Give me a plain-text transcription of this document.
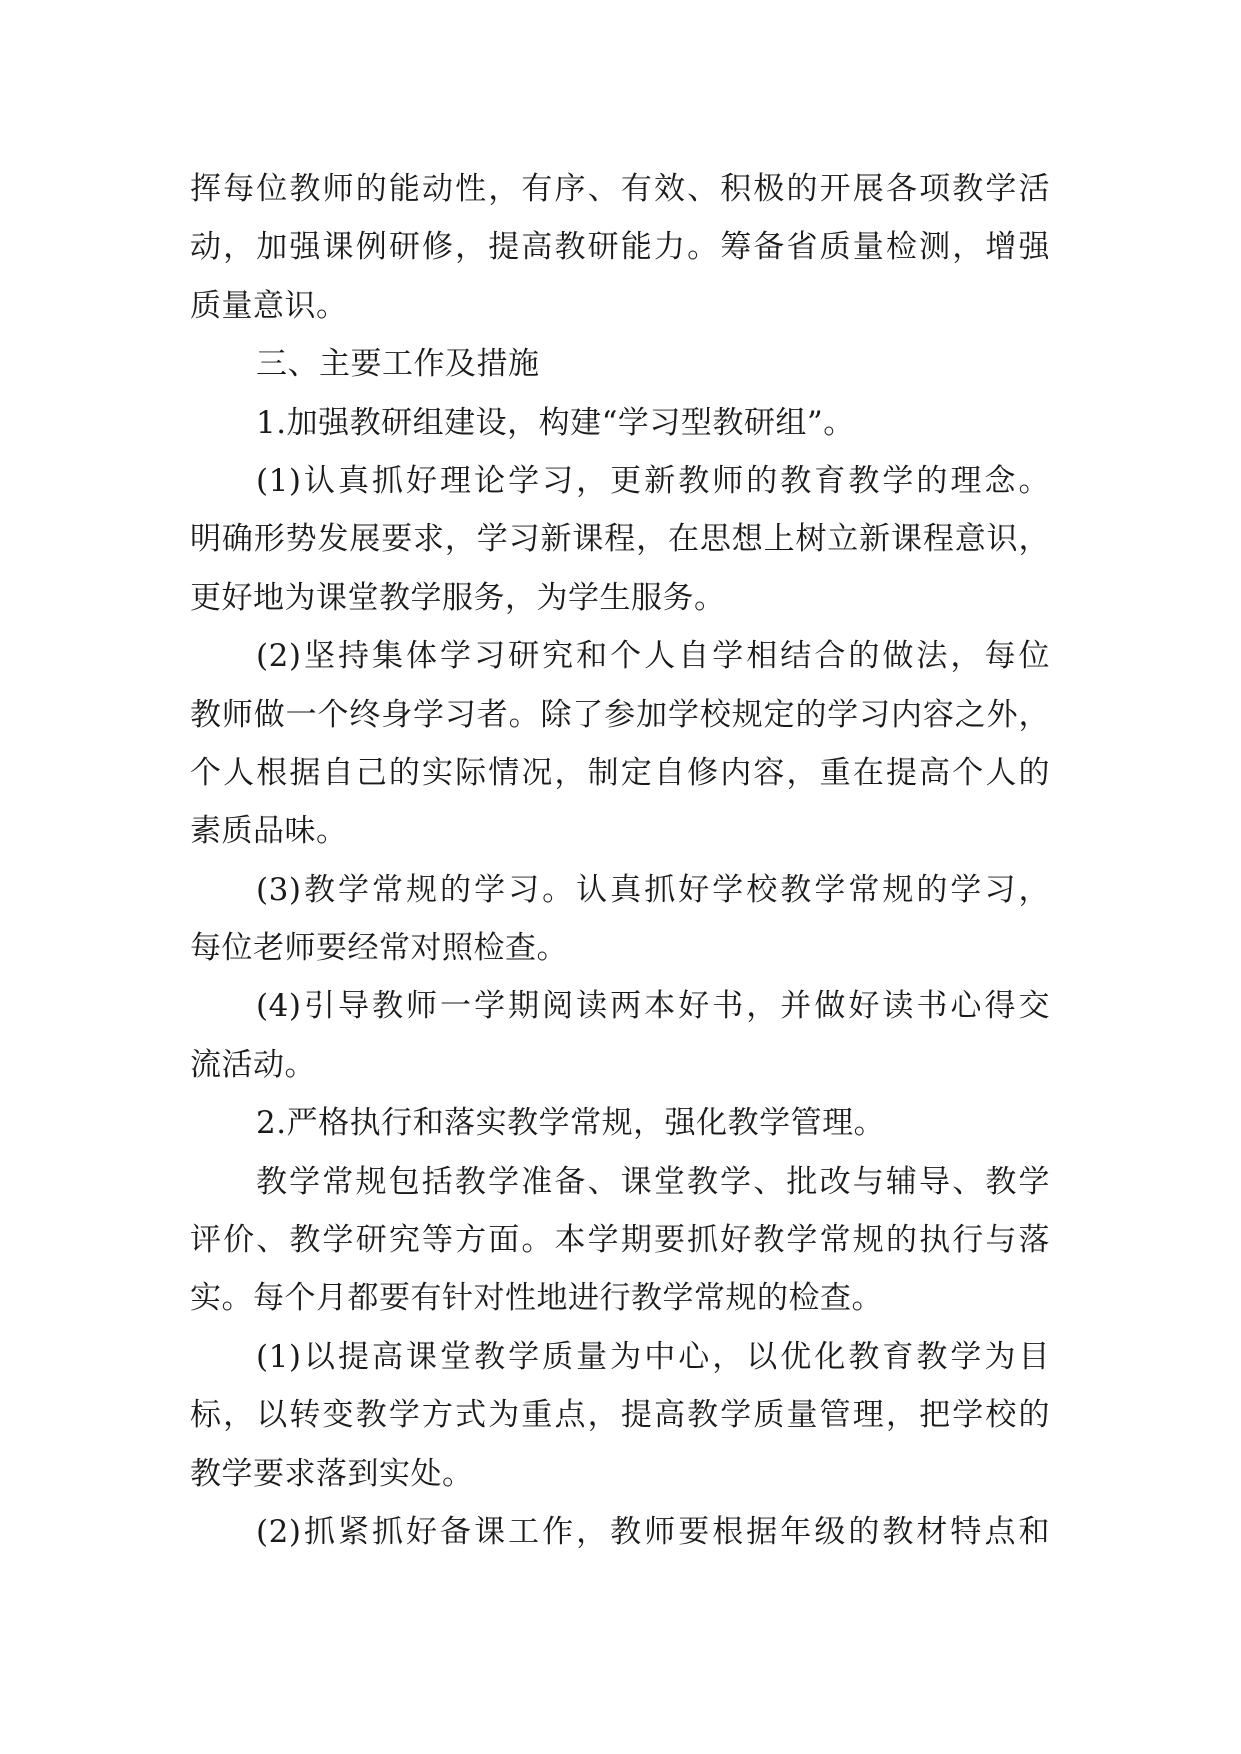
挥每位教师的能动性，有序、有效、积极的开展各项教学活
动，加强课例研修，提高教研能力。筹备省质量检测，增强
质量意识。
三、主要工作及措施
1.加强教研组建设，构建“学习型教研组”。
(1)认真抓好理论学习，更新教师的教育教学的理念。
明确形势发展要求，学习新课程，在思想上树立新课程意识，
更好地为课堂教学服务，为学生服务。
(2)坚持集体学习研究和个人自学相结合的做法，每位
教师做一个终身学习者。除了参加学校规定的学习内容之外，
个人根据自己的实际情况，制定自修内容，重在提高个人的
素质品味。
(3)教学常规的学习。认真抓好学校教学常规的学习，
每位老师要经常对照检查。
(4)引导教师一学期阅读两本好书，并做好读书心得交
流活动。
2.严格执行和落实教学常规，强化教学管理。
教学常规包括教学准备、课堂教学、批改与辅导、教学
评价、教学研究等方面。本学期要抓好教学常规的执行与落
实。每个月都要有针对性地进行教学常规的检查。
(1)以提高课堂教学质量为中心，以优化教育教学为目
标，以转变教学方式为重点，提高教学质量管理，把学校的
教学要求落到实处。
(2)抓紧抓好备课工作，教师要根据年级的教材特点和
